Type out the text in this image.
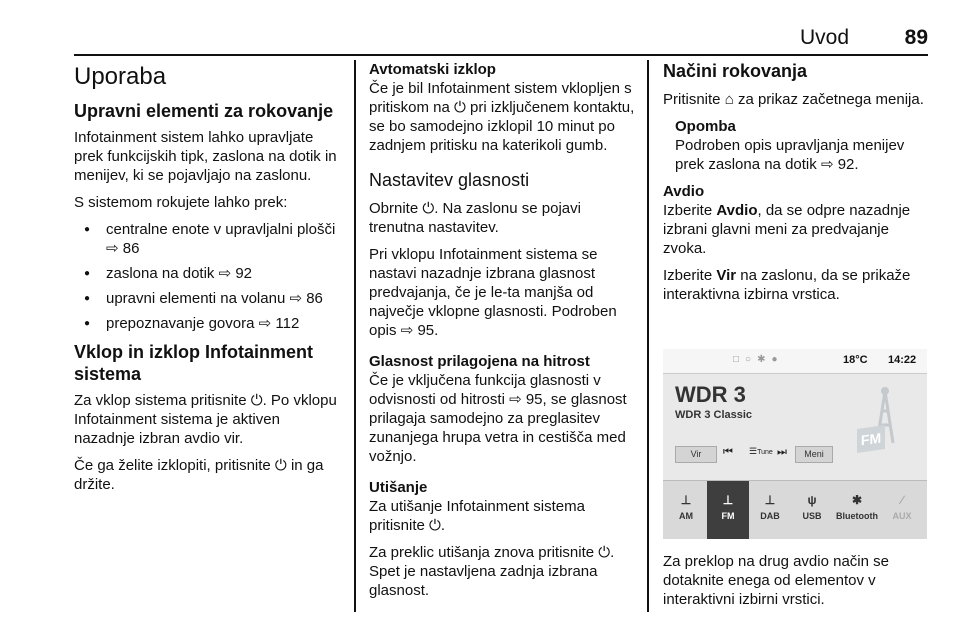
Uvod	89
Uporaba
Upravni elementi za rokovanje

Infotainment sistem lahko upravljate prek funkcijskih tipk, zaslona na dotik in menijev, ki se pojavljajo na zaslonu.

S sistemom rokujete lahko prek:

● centralne enote v upravljalni plošči ⇨ 86
● zaslona na dotik ⇨ 92
● upravni elementi na volanu ⇨ 86
● prepoznavanje govora ⇨ 112
Vklop in izklop Infotainment sistema

Za vklop sistema pritisnite ⏻. Po vklopu Infotainment sistema je aktiven nazadnje izbran avdio vir.

Če ga želite izklopiti, pritisnite ⏻ in ga držite.

Avtomatski izklop

Če je bil Infotainment sistem vklopljen s pritiskom na ⏻ pri izključenem kontaktu, se bo samodejno izklopil 10 minut po zadnjem pritisku na katerikoli gumb.

Nastavitev glasnosti

Obrnite ⏻. Na zaslonu se pojavi trenutna nastavitev.

Pri vklopu Infotainment sistema se nastavi nazadnje izbrana glasnost predvajanja, če je le-ta manjša od največje vklopne glasnosti. Podroben opis ⇨ 95.

Glasnost prilagojena na hitrost

Če je vključena funkcija glasnosti v odvisnosti od hitrosti ⇨ 95, se glasnost prilagaja samodejno za preglasitev zunanjega hrupa vetra in cestišča med vožnjo.

Utišanje

Za utišanje Infotainment sistema pritisnite ⏻.

Za preklic utišanja znova pritisnite ⏻. Spet je nastavljena zadnja izbrana glasnost.

Načini rokovanja

Pritisnite ⌂ za prikaz začetnega menija.

Opomba
Podroben opis upravljanja menijev prek zaslona na dotik ⇨ 92.
Avdio

Izberite Avdio, da se odpre nazadnje izbrani glavni meni za predvajanje zvoka.

Izberite Vir na zaslonu, da se prikaže interaktivna izbirna vrstica.

□○✱●	18°C 14:22
WDR 3
WDR 3 Classic
FM
Vir	⏮ ☰Tune ⏭	Meni
⊥
AM
⊥
FM
⊥
DAB
ψ
USB
✱
Bluetooth
∕
AUX

Za preklop na drug avdio način se dotaknite enega od elementov v interaktivni izbirni vrstici.
